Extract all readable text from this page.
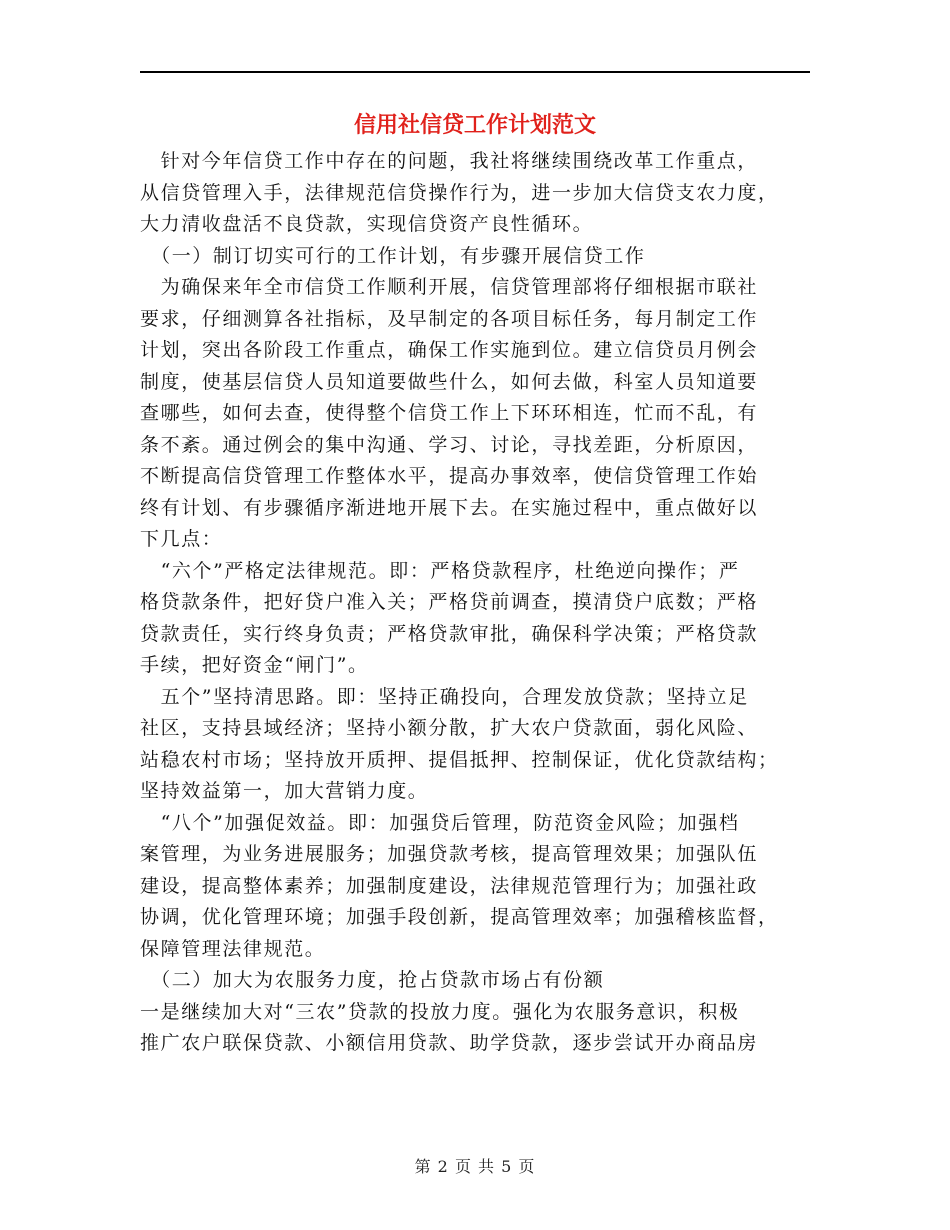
信用社信贷工作计划范文
　针对今年信贷工作中存在的问题，我社将继续围绕改革工作重点，
从信贷管理入手，法律规范信贷操作行为，进一步加大信贷支农力度，
大力清收盘活不良贷款，实现信贷资产良性循环。
　（一）制订切实可行的工作计划，有步骤开展信贷工作
　为确保来年全市信贷工作顺利开展，信贷管理部将仔细根据市联社
要求，仔细测算各社指标，及早制定的各项目标任务，每月制定工作
计划，突出各阶段工作重点，确保工作实施到位。建立信贷员月例会
制度，使基层信贷人员知道要做些什么，如何去做，科室人员知道要
查哪些，如何去查，使得整个信贷工作上下环环相连，忙而不乱，有
条不紊。通过例会的集中沟通、学习、讨论，寻找差距，分析原因，
不断提高信贷管理工作整体水平，提高办事效率，使信贷管理工作始
终有计划、有步骤循序渐进地开展下去。在实施过程中，重点做好以
下几点：
　“六个”严格定法律规范。即：严格贷款程序，杜绝逆向操作；严
格贷款条件，把好贷户准入关；严格贷前调查，摸清贷户底数；严格
贷款责任，实行终身负责；严格贷款审批，确保科学决策；严格贷款
手续，把好资金“闸门”。
　五个”坚持清思路。即：坚持正确投向，合理发放贷款；坚持立足
社区，支持县域经济；坚持小额分散，扩大农户贷款面，弱化风险、
站稳农村市场；坚持放开质押、提倡抵押、控制保证，优化贷款结构；
坚持效益第一，加大营销力度。
　“八个”加强促效益。即：加强贷后管理，防范资金风险；加强档
案管理，为业务进展服务；加强贷款考核，提高管理效果；加强队伍
建设，提高整体素养；加强制度建设，法律规范管理行为；加强社政
协调，优化管理环境；加强手段创新，提高管理效率；加强稽核监督，
保障管理法律规范。
　（二）加大为农服务力度，抢占贷款市场占有份额
一是继续加大对“三农”贷款的投放力度。强化为农服务意识，积极
推广农户联保贷款、小额信用贷款、助学贷款，逐步尝试开办商品房
第 2 页 共 5 页
